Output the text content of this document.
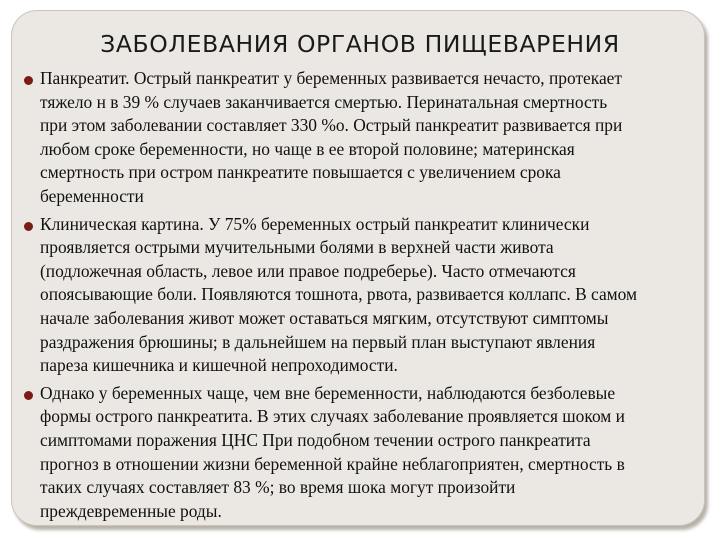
ЗАБОЛЕВАНИЯ ОРГАНОВ ПИЩЕВАРЕНИЯ

Панкреатит. Острый панкреатит у беременных развивается нечасто, протекает
тяжело н в 39 % случаев заканчивается смертью. Перинатальная смертность
при этом заболевании составляет 330 %о. Острый панкреатит развивается при
любом сроке беременности, но чаще в ее второй половине; материнская
смертность при остром панкреатите повышается с увеличением срока
беременности

Клиническая картина. У 75% беременных острый панкреатит клинически
проявляется острыми мучительными болями в верхней части живота
(подложечная область, левое или правое подреберье). Часто отмечаются
опоясывающие боли. Появляются тошнота, рвота, развивается коллапс. В самом
начале заболевания живот может оставаться мягким, отсутствуют симптомы
раздражения брюшины; в дальнейшем на первый план выступают явления
пареза кишечника и кишечной непроходимости.

Однако у беременных чаще, чем вне беременности, наблюдаются безболевые
формы острого панкреатита. В этих случаях заболевание проявляется шоком и
симптомами поражения ЦНС При подобном течении острого панкреатита
прогноз в отношении жизни беременной крайне неблагоприятен, смертность в
таких случаях составляет 83 %; во время шока могут произойти
преждевременные роды.
